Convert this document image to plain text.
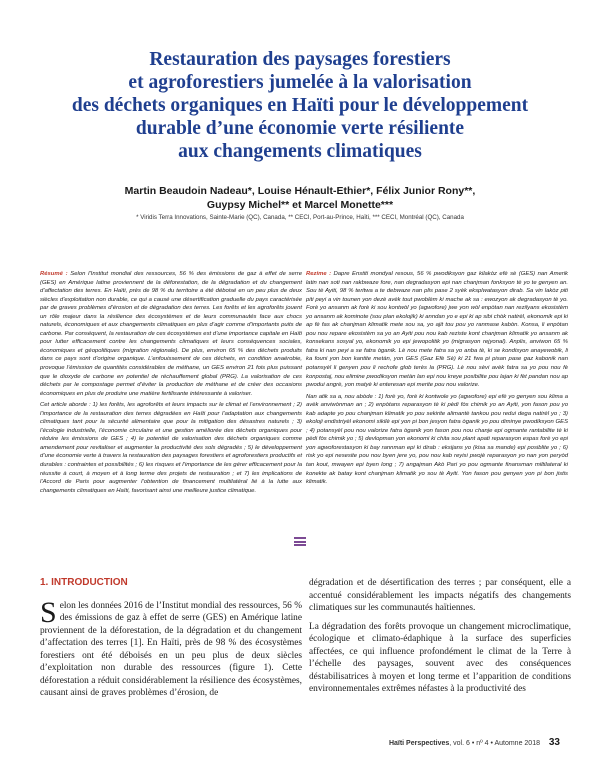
Restauration des paysages forestiers
et agroforestiers jumelée à la valorisation
des déchets organiques en Haïti pour le développement
durable d’une économie verte résiliente
aux changements climatiques
Martin Beaudoin Nadeau*, Louise Hénault-Ethier*, Félix Junior Rony**,
Guypsy Michel** et Marcel Monette***
* Viridis Terra Innovations, Sainte-Marie (QC), Canada, ** CECI, Port-au-Prince, Haïti, *** CECI, Montréal (QC), Canada

Résumé : Selon l’Institut mondial des ressources, 56 % des émissions de gaz à effet de serre (GES) en Amérique latine proviennent de la déforestation, de la dégradation et du changement d’affectation des terres. En Haïti, près de 98 % du territoire a été déboisé en un peu plus de deux siècles d’exploitation non durable, ce qui a causé une désertification graduelle du pays caractérisée par de graves problèmes d’érosion et de dégradation des terres. Les forêts et les agroforêts jouent un rôle majeur dans la résilience des écosystèmes et de leurs communautés face aux chocs naturels, économiques et aux changements climatiques en plus d’agir comme d’importants puits de carbone. Par conséquent, la restauration de ces écosystèmes est d’une importance capitale en Haïti pour lutter efficacement contre les changements climatiques et leurs conséquences sociales, économiques et géopolitiques (migration régionale). De plus, environ 65 % des déchets produits dans ce pays sont d’origine organique. L’enfouissement de ces déchets, en condition anaérobie, provoque l’émission de quantités considérables de méthane, un GES environ 21 fois plus puissant que le dioxyde de carbone en potentiel de réchauffement global (PRG). La valorisation de ces déchets par le compostage permet d’éviter la production de méthane et de créer des occasions économiques en plus de produire une matière fertilisante intéressante à valoriser.

Cet article aborde : 1) les forêts, les agroforêts et leurs impacts sur le climat et l’environnement ; 2) l’importance de la restauration des terres dégradées en Haïti pour l’adaptation aux changements climatiques tant pour la sécurité alimentaire que pour la mitigation des désastres naturels ; 3) l’écologie industrielle, l’économie circulaire et une gestion améliorée des déchets organiques pour réduire les émissions de GES ; 4) le potentiel de valorisation des déchets organiques comme amendement pour revitaliser et augmenter la productivité des sols dégradés ; 5) le développement d’une économie verte à travers la restauration des paysages forestiers et agroforestiers productifs et durables : contraintes et possibilités ; 6) les risques et l’importance de les gérer efficacement pour la réussite à court, à moyen et à long terme des projets de restauration ; et 7) les implications de l’Accord de Paris pour augmenter l’obtention de financement multilatéral lié à la lutte aux changements climatiques en Haïti, favorisant ainsi une meilleure justice climatique.

Rezime : Dapre Enstiti mondyal resous, 56 % pwodiksyon gaz kilakòz efè sè (GES) nan Amerik latin nan soti nan rakbwaze fore, nan degradasyon epi nan chanjman fonksyon tè yo te genyen an. Sou tè Ayiti, 98 % teritwa a te debwaze nan plis pase 2 syèk eksplwatasyon dirab. Sa vin lakòz piti piti peyi a vin tounen yon dezè avèk tout pwoblèm ki mache ak sa : ewozyon ak degradasyon tè yo. Forè yo ansanm ak forè ki sou kontwòl yo (agwofore) jwe yon wòl enpòtan nan rezilyans ekosistèm yo ansanm ak kominote (sou plan ekolojik) ki anndan yo e epi ki ap sibi chòk natirèl, ekonomik epi ki ap fè fas ak chanjman klimatik mete sou sa, yo ajit tou pou yo ranmase kabòn. Konsa, li enpòtan pou nou repare ekosistèm sa yo an Ayiti pou nou kab reziste kont chanjman klimatik yo ansanm ak konsekans sosyal yo, ekonomik yo epi jewopolitik yo (migrasyon rejyonal). Anplis, anviwon 65 % fatra ki nan peyi a se fatra òganik. Lè nou mete fatra sa yo anba tè, ki se kondisyon anayewobik, li ka founi yon bon kantite metàn, yon GES (Gaz Efè Sè) ki 21 fwa pi pisan pase gaz kabonik nan potansyèl li genyen pou li rechofe glob terès la (PRG). Lè nou sèvi avèk fatra sa yo pou nou fè konpostaj, nou elimine pwodiksyon metàn lan epi nou kreye posibilite pou lajan ki fèt pandan nou ap pwodui angrè, yon matyè ki enteresan epi merite pou nou valorize.

Nan atik sa a, nou abòde : 1) forè yo, forè ki kontwole yo (agwofore) epi efè yo genyen sou klima a avèk anviwònman an ; 2) enpòtans reparasyon tè ki pèdi fòs chimik yo an Ayiti, yon fason pou yo kab adapte yo pou chanjman klimatik yo pou sekirite alimantè tankou pou redui dega natirèl yo ; 3) ekoloji endistriyèl ekonomi sikilè epi yon pi bon jesyon fatra òganik yo pou diminye pwodiksyon GES ; 4) potansyèl pou nou valorize fatra òganik yon fason pou nou chanje epi ogmante rantabilite tè ki pèdi fòs chimik yo ; 5) devlopman yon ekonomi ki chita sou plant apati reparasyon espas forè yo epi yon agwoforestasyon ki bay rannman epi ki dirab : eksijans yo (kisa sa mande) epi posiblite yo ; 6) risk yo epi nesesite pou nou byen jere yo, pou nou kab reyisi pwojè reparasyon yo nan yon peryòd tan kout, mwayen epi byen long ; 7) angajman Akò Pari yo pou ogmante finansman miltilateral ki konekte ak batay kont chanjman klimatik yo sou tè Ayiti. Yon fason pou genyen yon pi bon jistis klimatik.

1. INTRODUCTION

Selon les données 2016 de l’Institut mondial des ressources, 56 % des émissions de gaz à effet de serre (GES) en Amérique latine proviennent de la déforestation, de la dégradation et du changement d’affectation des terres [1]. En Haïti, près de 98 % des écosystèmes forestiers ont été déboisés en un peu plus de deux siècles d’exploitation non durable des ressources (figure 1). Cette déforestation a réduit considérablement la résilience des écosystèmes, causant ainsi de graves problèmes d’érosion, de

dégradation et de désertification des terres ; par conséquent, elle a accentué considérablement les impacts négatifs des changements climatiques sur les communautés haïtiennes.

La dégradation des forêts provoque un changement microclimatique, écologique et climato-édaphique à la surface des superficies affectées, ce qui influence profondément le climat de la Terre à l’échelle des paysages, souvent avec des conséquences déstabilisatrices à moyen et long terme et l’apparition de conditions environnementales extrêmes néfastes à la productivité des

Haïti Perspectives, vol. 6 • nº 4 • Automne 2018 33
